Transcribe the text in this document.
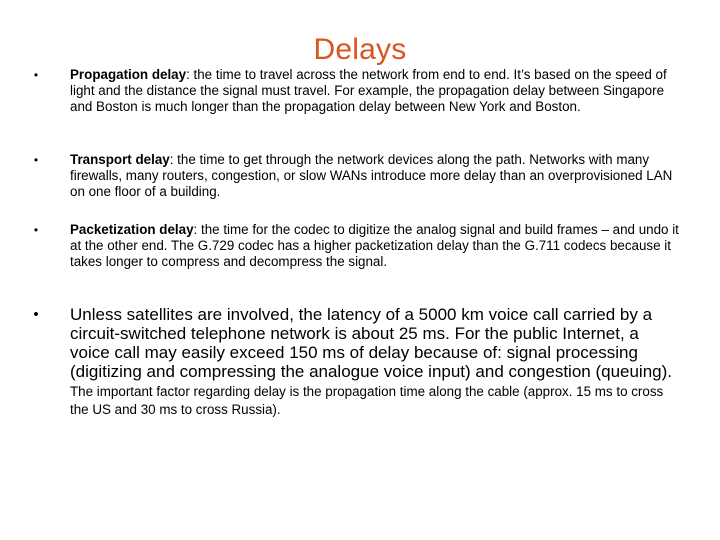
Delays
• Propagation delay: the time to travel across the network from end to end. It’s based on the speed of light and the distance the signal must travel. For example, the propagation delay between Singapore and Boston is much longer than the propagation delay between New York and Boston.
• Transport delay: the time to get through the network devices along the path. Networks with many firewalls, many routers, congestion, or slow WANs introduce more delay than an overprovisioned LAN on one floor of a building.
• Packetization delay: the time for the codec to digitize the analog signal and build frames – and undo it at the other end. The G.729 codec has a higher packetization delay than the G.711 codecs because it takes longer to compress and decompress the signal.
• Unless satellites are involved, the latency of a 5000 km voice call carried by a circuit-switched telephone network is about 25 ms. For the public Internet, a voice call may easily exceed 150 ms of delay because of: signal processing (digitizing and compressing the analogue voice input) and congestion (queuing). The important factor regarding delay is the propagation time along the cable (approx. 15 ms to cross the US and 30 ms to cross Russia).
